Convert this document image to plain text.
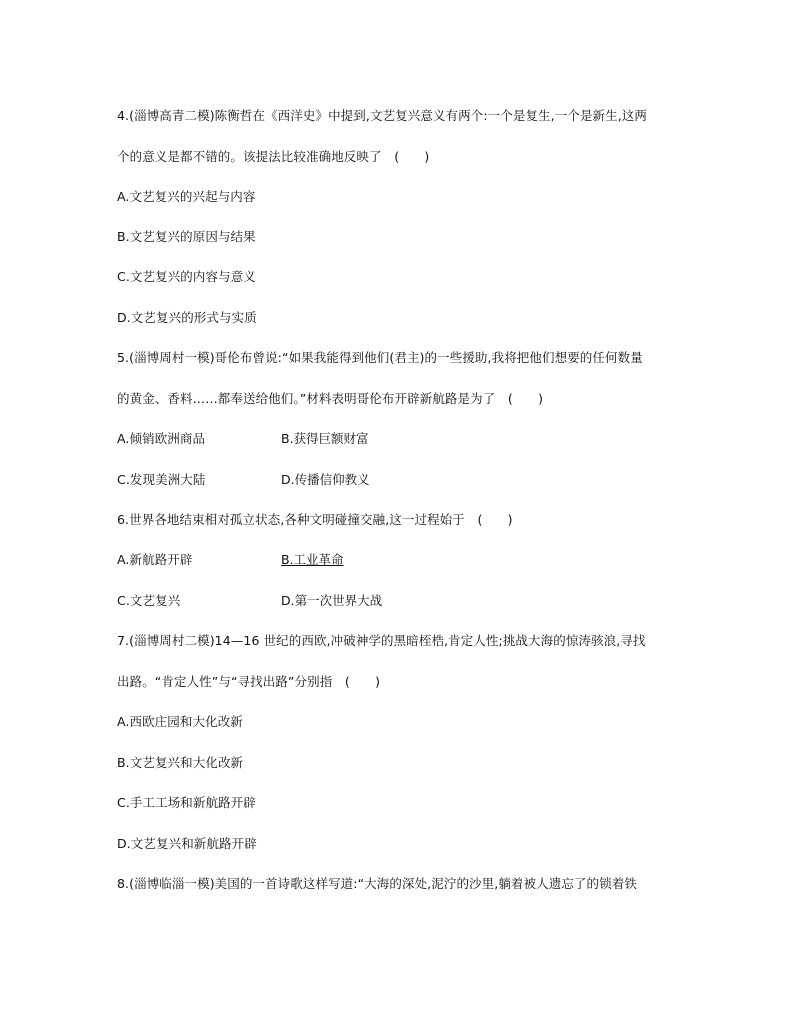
4.(淄博高青二模)陈衡哲在《西洋史》中提到,文艺复兴意义有两个:一个是复生,一个是新生,这两
个的意义是都不错的。该提法比较准确地反映了　(　　)
A.文艺复兴的兴起与内容
B.文艺复兴的原因与结果
C.文艺复兴的内容与意义
D.文艺复兴的形式与实质
5.(淄博周村一模)哥伦布曾说:“如果我能得到他们(君主)的一些援助,我将把他们想要的任何数量
的黄金、香料……都奉送给他们。”材料表明哥伦布开辟新航路是为了　(　　)
A.倾销欧洲商品	B.获得巨额财富
C.发现美洲大陆	D.传播信仰教义
6.世界各地结束相对孤立状态,各种文明碰撞交融,这一过程始于　(　　)
A.新航路开辟	B.工业革命
C.文艺复兴	D.第一次世界大战
7.(淄博周村二模)14—16 世纪的西欧,冲破神学的黑暗桎梏,肯定人性;挑战大海的惊涛骇浪,寻找
出路。“肯定人性”与“寻找出路”分别指　(　　)
A.西欧庄园和大化改新
B.文艺复兴和大化改新
C.手工工场和新航路开辟
D.文艺复兴和新航路开辟
8.(淄博临淄一模)美国的一首诗歌这样写道:“大海的深处,泥泞的沙里,躺着被人遗忘了的锁着铁
